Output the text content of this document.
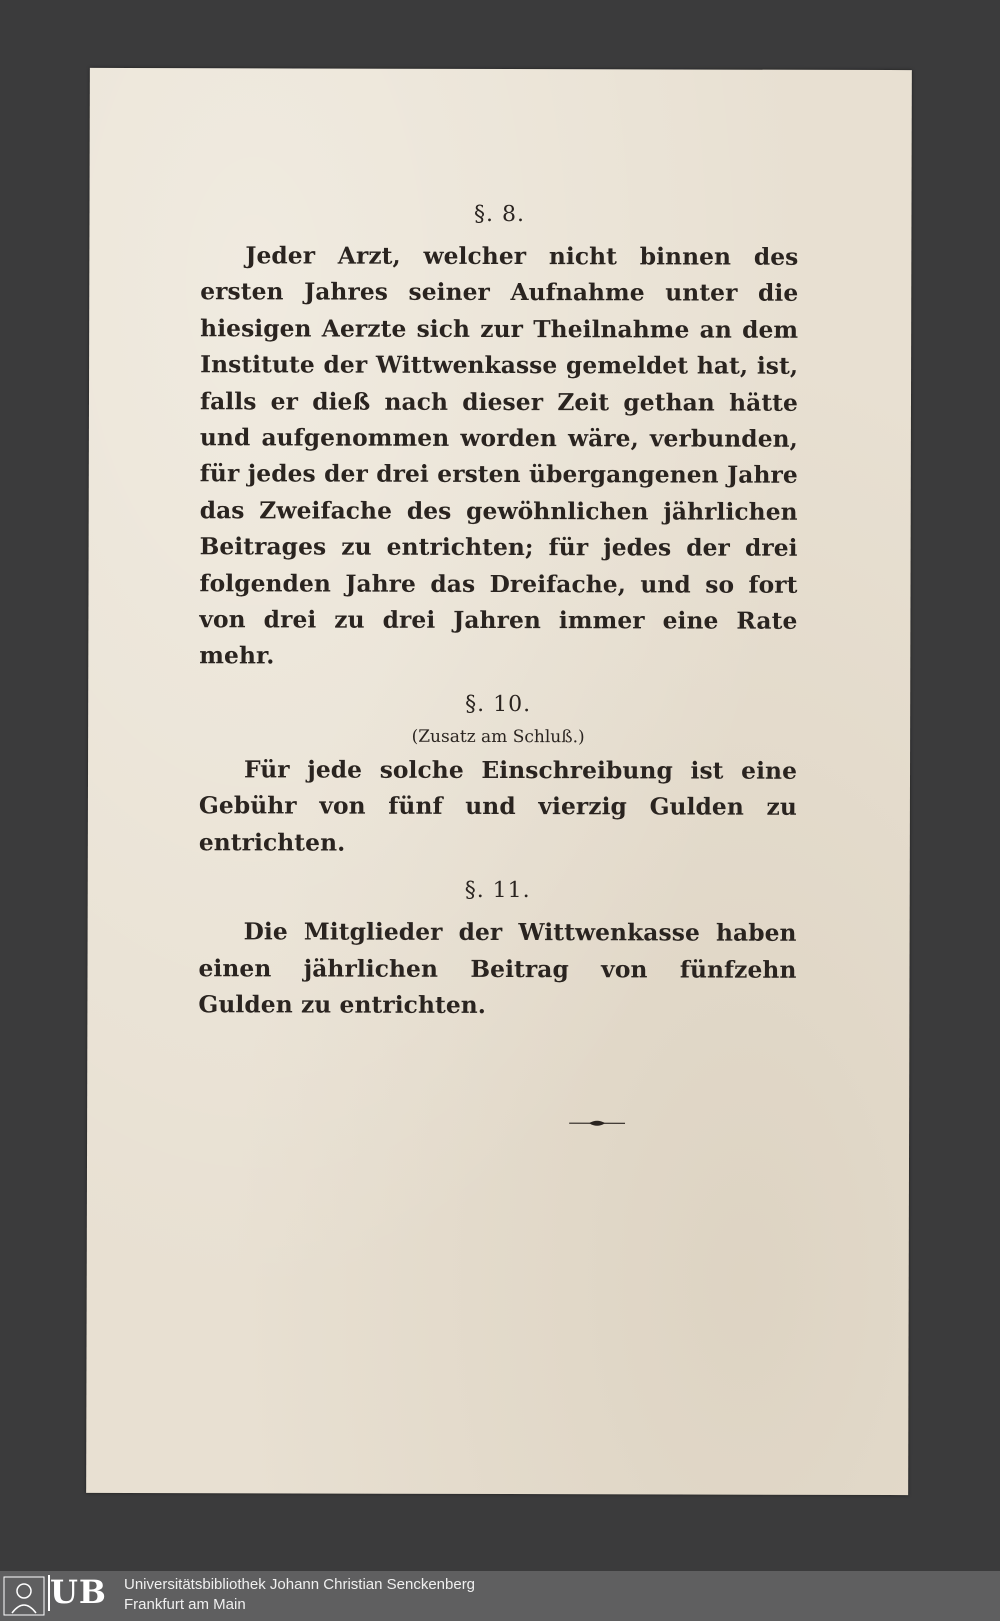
§. 8.

Jeder Arzt, welcher nicht binnen des ersten Jahres seiner Aufnahme unter die hiesigen Aerzte sich zur Theilnahme an dem Institute der Wittwenkasse gemeldet hat, ist, falls er dieß nach dieser Zeit gethan hätte und aufgenommen worden wäre, verbunden, für jedes der drei ersten übergangenen Jahre das Zweifache des gewöhnlichen jährlichen Beitrages zu entrichten; für jedes der drei folgenden Jahre das Dreifache, und so fort von drei zu drei Jahren immer eine Rate mehr.

§. 10.
(Zusatz am Schluß.)

Für jede solche Einschreibung ist eine Gebühr von fünf und vierzig Gulden zu entrichten.

§. 11.

Die Mitglieder der Wittwenkasse haben einen jährlichen Beitrag von fünfzehn Gulden zu entrichten.

UB Universitätsbibliothek Johann Christian Senckenberg
Frankfurt am Main
